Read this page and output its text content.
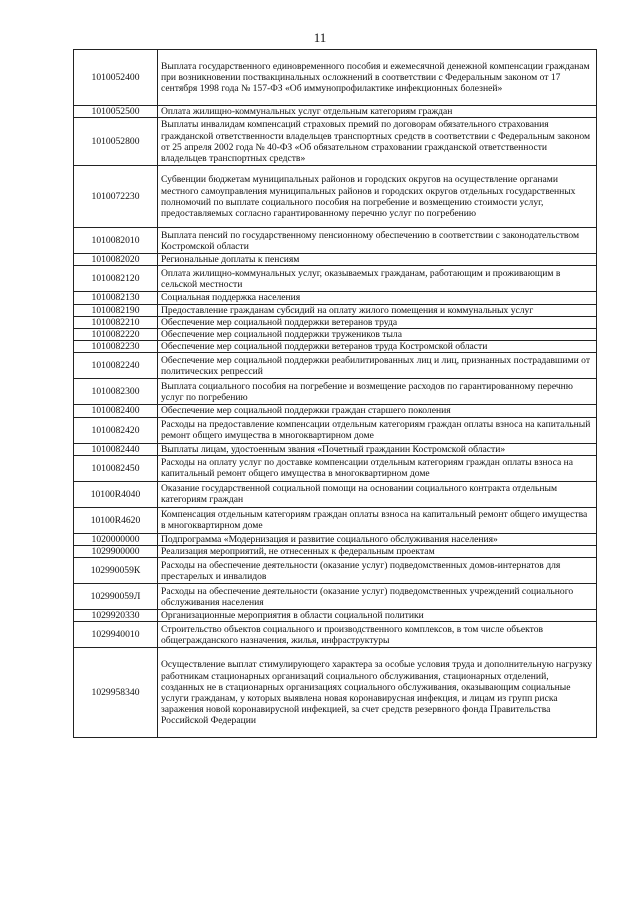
11
1010052400	Выплата государственного единовременного пособия и ежемесячной денежной компенсации гражданам при возникновении поствакцинальных осложнений в соответствии с Федеральным законом от 17 сентября 1998 года № 157-ФЗ «Об иммунопрофилактике инфекционных болезней»
1010052500	Оплата жилищно-коммунальных услуг отдельным категориям граждан
1010052800	Выплаты инвалидам компенсаций страховых премий по договорам обязательного страхования гражданской ответственности владельцев транспортных средств в соответствии с Федеральным законом от 25 апреля 2002 года № 40-ФЗ «Об обязательном страховании гражданской ответственности владельцев транспортных средств»
1010072230	Субвенции бюджетам муниципальных районов и городских округов на осуществление органами местного самоуправления муниципальных районов и городских округов отдельных государственных полномочий по выплате социального пособия на погребение и возмещению стоимости услуг, предоставляемых согласно гарантированному перечню услуг по погребению
1010082010	Выплата пенсий по государственному пенсионному обеспечению в соответствии с законодательством Костромской области
1010082020	Региональные доплаты к пенсиям
1010082120	Оплата жилищно-коммунальных услуг, оказываемых гражданам, работающим и проживающим в сельской местности
1010082130	Социальная поддержка населения
1010082190	Предоставление гражданам субсидий на оплату жилого помещения и коммунальных услуг
1010082210	Обеспечение мер социальной поддержки ветеранов труда
1010082220	Обеспечение мер социальной поддержки тружеников тыла
1010082230	Обеспечение мер социальной поддержки ветеранов труда Костромской области
1010082240	Обеспечение мер социальной поддержки реабилитированных лиц и лиц, признанных пострадавшими от политических репрессий
1010082300	Выплата социального пособия на погребение и возмещение расходов по гарантированному перечню услуг по погребению
1010082400	Обеспечение мер социальной поддержки граждан старшего поколения
1010082420	Расходы на предоставление компенсации отдельным категориям граждан оплаты взноса на капитальный ремонт общего имущества в многоквартирном доме
1010082440	Выплаты лицам, удостоенным звания «Почетный гражданин Костромской области»
1010082450	Расходы на оплату услуг по доставке компенсации отдельным категориям граждан оплаты взноса на капитальный ремонт общего имущества в многоквартирном доме
10100R4040	Оказание государственной социальной помощи на основании социального контракта отдельным категориям граждан
10100R4620	Компенсация отдельным категориям граждан оплаты взноса на капитальный ремонт общего имущества в многоквартирном доме
1020000000	Подпрограмма «Модернизация и развитие социального обслуживания населения»
1029900000	Реализация мероприятий, не отнесенных к федеральным проектам
102990059К	Расходы на обеспечение деятельности (оказание услуг) подведомственных домов-интернатов для престарелых и инвалидов
102990059Л	Расходы на обеспечение деятельности (оказание услуг) подведомственных учреждений социального обслуживания населения
1029920330	Организационные мероприятия в области социальной политики
1029940010	Строительство объектов социального и производственного комплексов, в том числе объектов общегражданского назначения, жилья, инфраструктуры
1029958340	Осуществление выплат стимулирующего характера за особые условия труда и дополнительную нагрузку работникам стационарных организаций социального обслуживания, стационарных отделений, созданных не в стационарных организациях социального обслуживания, оказывающим социальные услуги гражданам, у которых выявлена новая коронавирусная инфекция, и лицам из групп риска заражения новой коронавирусной инфекцией, за счет средств резервного фонда Правительства Российской Федерации
